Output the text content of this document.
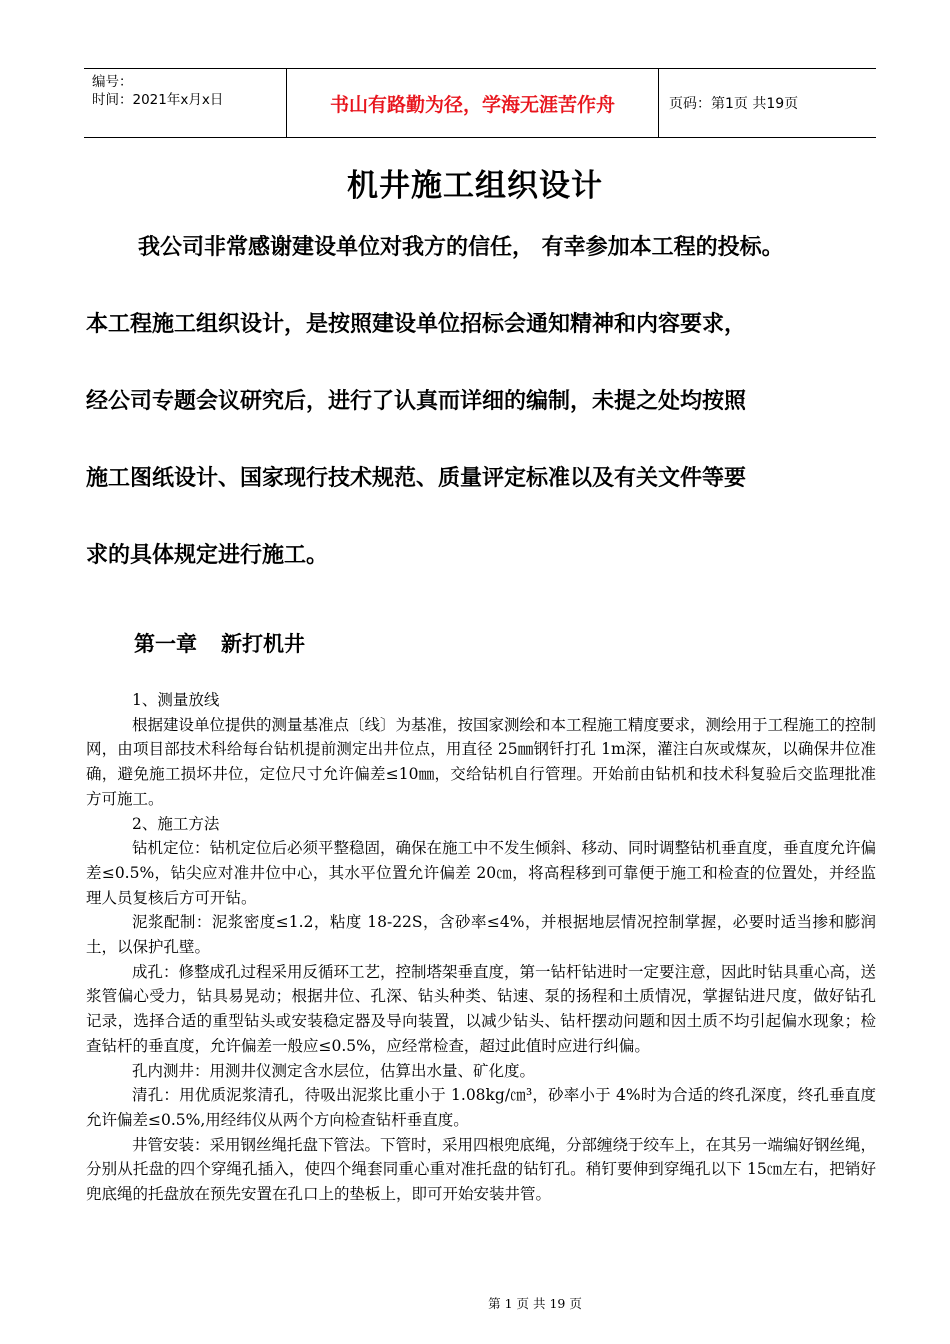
编号：
时间：2021年x月x日	书山有路勤为径，学海无涯苦作舟	页码：第1页 共19页
机井施工组织设计
我公司非常感谢建设单位对我方的信任， 有幸参加本工程的投标。
本工程施工组织设计，是按照建设单位招标会通知精神和内容要求，
经公司专题会议研究后，进行了认真而详细的编制，未提之处均按照
施工图纸设计、国家现行技术规范、质量评定标准以及有关文件等要
求的具体规定进行施工。
第一章 新打机井

1、测量放线

根据建设单位提供的测量基准点〔线〕为基准，按国家测绘和本工程施工精度要求，测绘用于工程施工的控制网，由项目部技术科给每台钻机提前测定出井位点，用直径 25㎜钢钎打孔 1m深，灌注白灰或煤灰，以确保井位准确，避免施工损坏井位，定位尺寸允许偏差≤10㎜，交给钻机自行管理。开始前由钻机和技术科复验后交监理批准方可施工。

2、施工方法

钻机定位：钻机定位后必须平整稳固，确保在施工中不发生倾斜、移动、同时调整钻机垂直度，垂直度允许偏差≤0.5%，钻尖应对准井位中心，其水平位置允许偏差 20㎝，将高程移到可靠便于施工和检查的位置处，并经监理人员复核后方可开钻。

泥浆配制：泥浆密度≤1.2，粘度 18-22S，含砂率≤4%，并根据地层情况控制掌握，必要时适当掺和膨润土，以保护孔壁。

成孔：修整成孔过程采用反循环工艺，控制塔架垂直度，第一钻杆钻进时一定要注意，因此时钻具重心高，送浆管偏心受力，钻具易晃动；根据井位、孔深、钻头种类、钻速、泵的扬程和土质情况，掌握钻进尺度，做好钻孔记录，选择合适的重型钻头或安装稳定器及导向装置，以减少钻头、钻杆摆动问题和因土质不均引起偏水现象；检查钻杆的垂直度，允许偏差一般应≤0.5%，应经常检查，超过此值时应进行纠偏。

孔内测井：用测井仪测定含水层位，估算出水量、矿化度。

清孔：用优质泥浆清孔，待吸出泥浆比重小于 1.08kg/㎝³，砂率小于 4%时为合适的终孔深度，终孔垂直度允许偏差≤0.5%,用经纬仪从两个方向检查钻杆垂直度。

井管安装：采用钢丝绳托盘下管法。下管时，采用四根兜底绳，分部缠绕于绞车上，在其另一端编好钢丝绳，分别从托盘的四个穿绳孔插入，使四个绳套同重心重对准托盘的钻钉孔。稍钉要伸到穿绳孔以下 15㎝左右，把销好兜底绳的托盘放在预先安置在孔口上的垫板上，即可开始安装井管。

第 1 页 共 19 页
